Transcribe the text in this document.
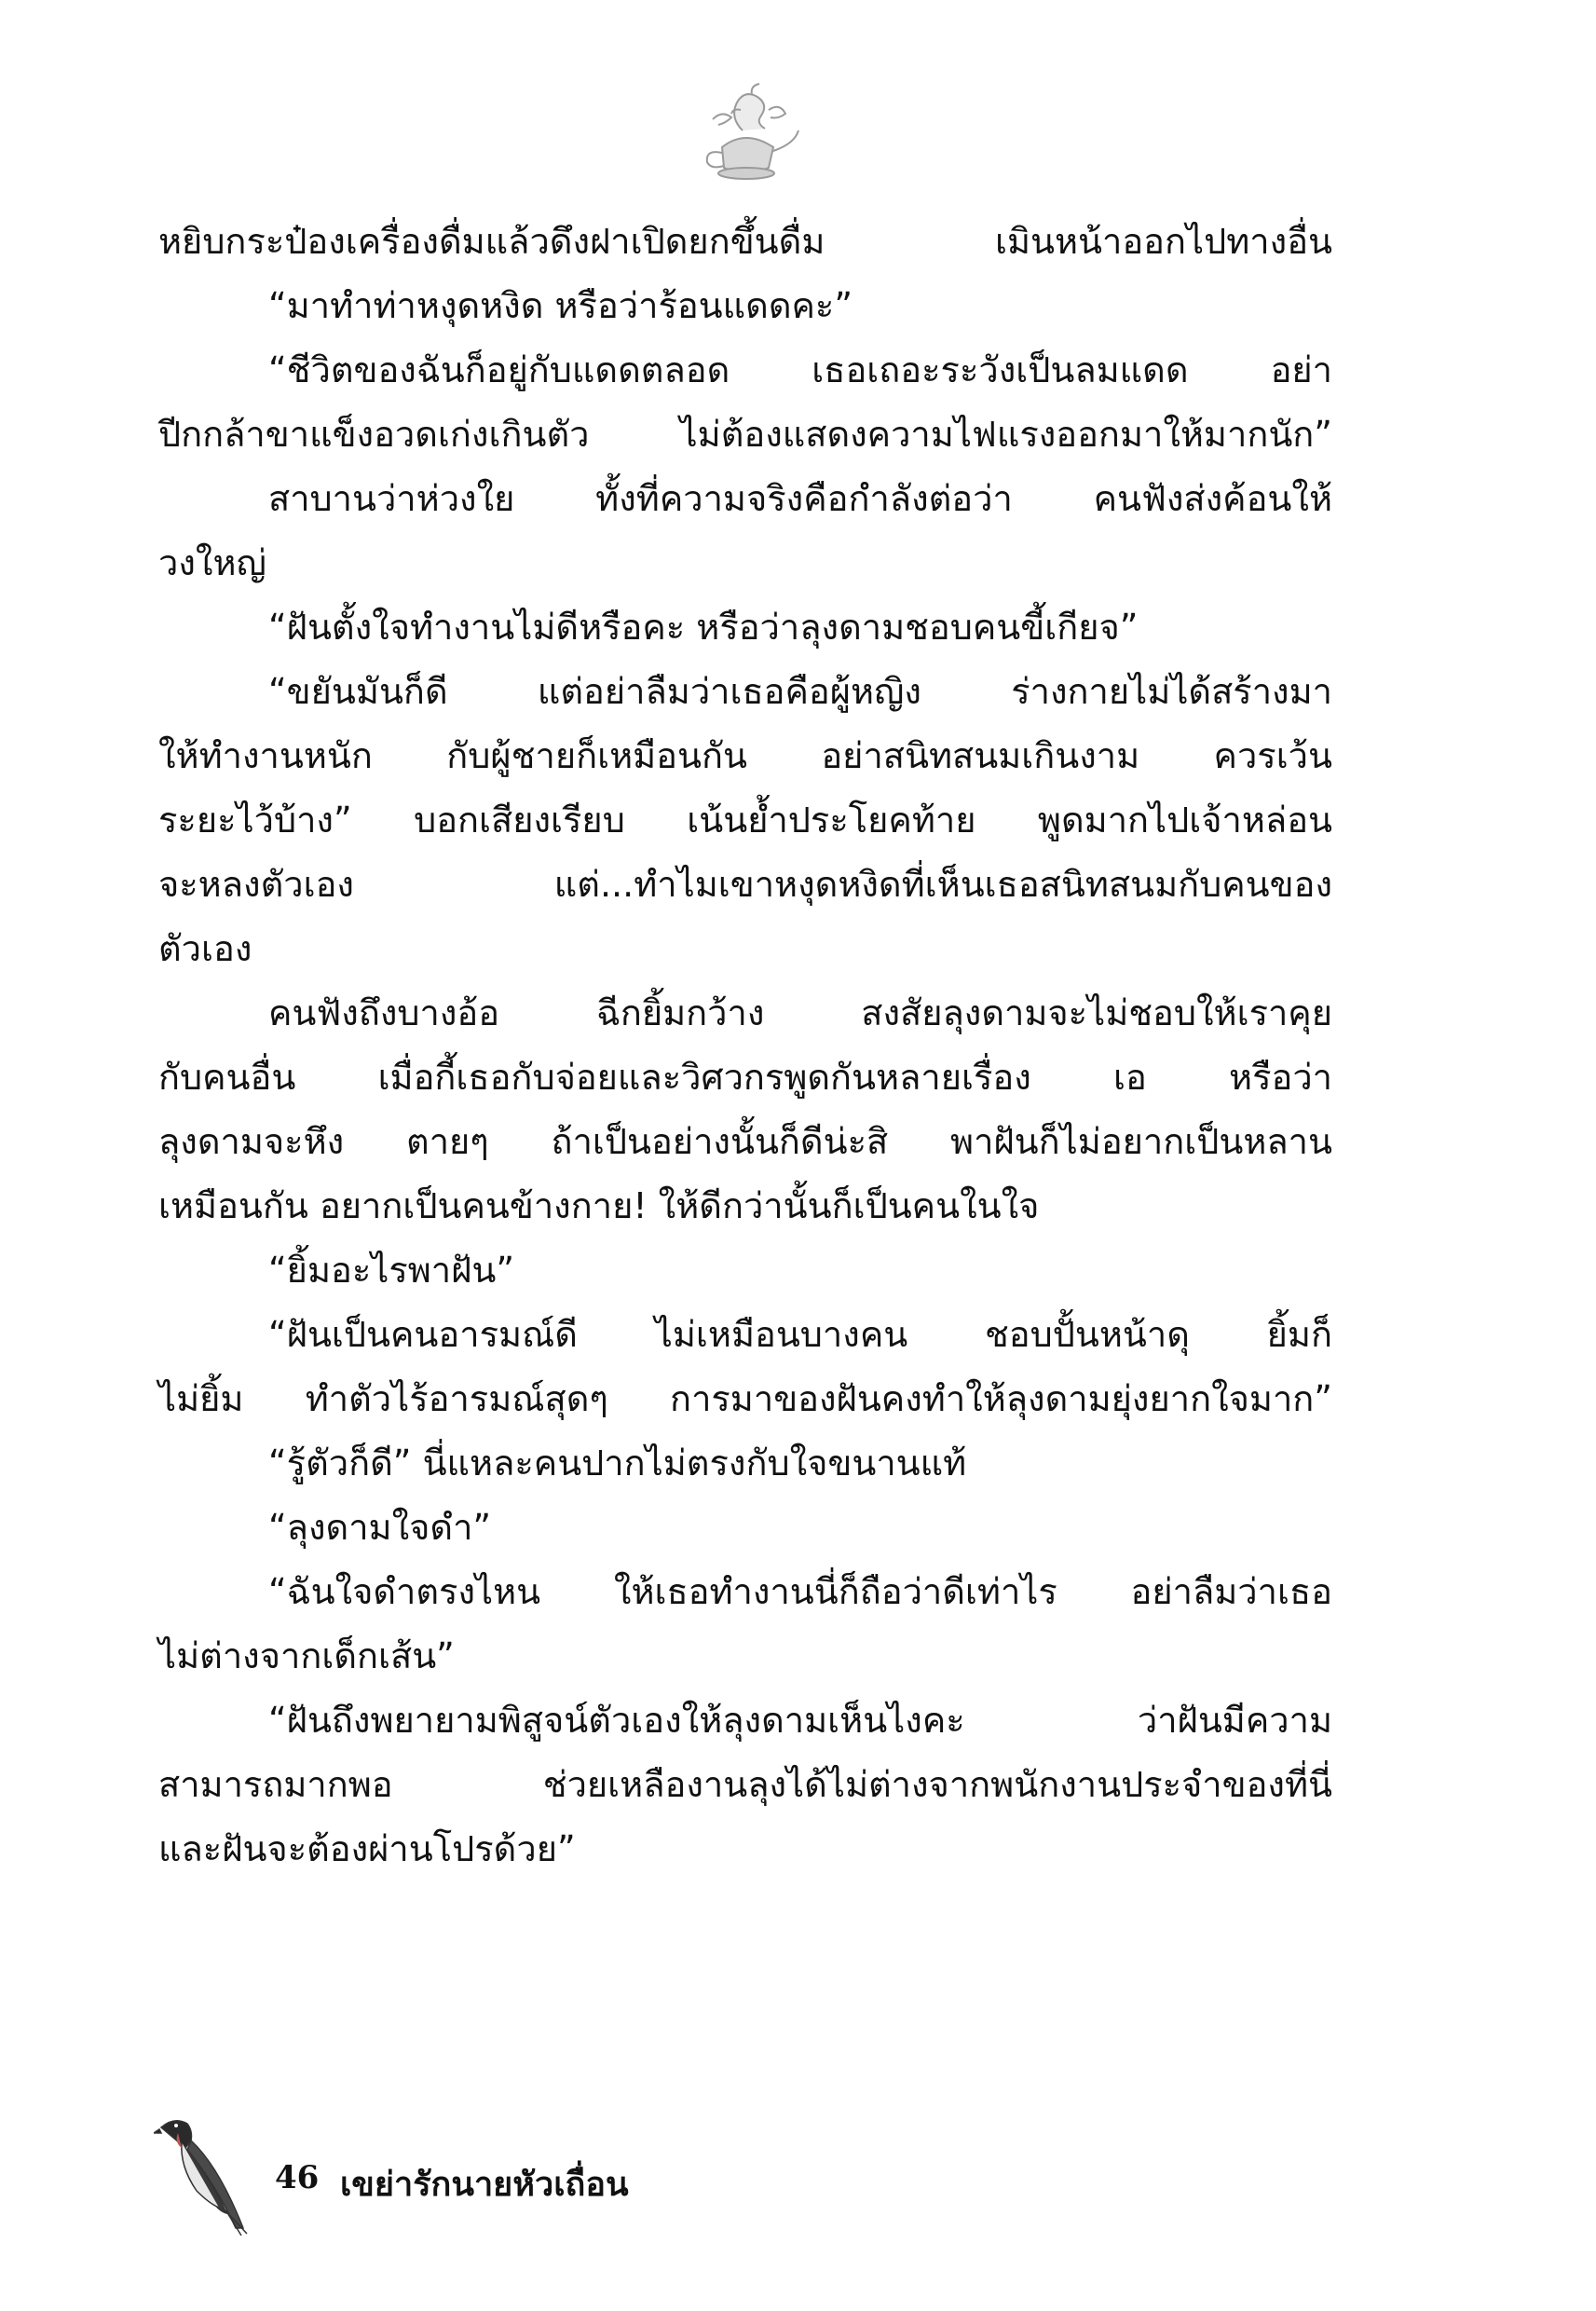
หยิบกระป๋องเครื่องดื่มแล้วดึงฝาเปิดยกขึ้นดื่ม เมินหน้าออกไปทางอื่น
“มาทำท่าหงุดหงิด หรือว่าร้อนแดดคะ”
“ชีวิตของฉันก็อยู่กับแดดตลอด เธอเถอะระวังเป็นลมแดด อย่า
ปีกกล้าขาแข็งอวดเก่งเกินตัว ไม่ต้องแสดงความไฟแรงออกมาให้มากนัก”
สาบานว่าห่วงใย ทั้งที่ความจริงคือกำลังต่อว่า คนฟังส่งค้อนให้
วงใหญ่
“ฝันตั้งใจทำงานไม่ดีหรือคะ หรือว่าลุงดามชอบคนขี้เกียจ”
“ขยันมันก็ดี แต่อย่าลืมว่าเธอคือผู้หญิง ร่างกายไม่ได้สร้างมา
ให้ทำงานหนัก กับผู้ชายก็เหมือนกัน อย่าสนิทสนมเกินงาม ควรเว้น
ระยะไว้บ้าง” บอกเสียงเรียบ เน้นย้ำประโยคท้าย พูดมากไปเจ้าหล่อน
จะหลงตัวเอง แต่...ทำไมเขาหงุดหงิดที่เห็นเธอสนิทสนมกับคนของ
ตัวเอง
คนฟังถึงบางอ้อ ฉีกยิ้มกว้าง สงสัยลุงดามจะไม่ชอบให้เราคุย
กับคนอื่น เมื่อกี้เธอกับจ่อยและวิศวกรพูดกันหลายเรื่อง เอ หรือว่า
ลุงดามจะหึง ตายๆ ถ้าเป็นอย่างนั้นก็ดีน่ะสิ พาฝันก็ไม่อยากเป็นหลาน
เหมือนกัน อยากเป็นคนข้างกาย! ให้ดีกว่านั้นก็เป็นคนในใจ
“ยิ้มอะไรพาฝัน”
“ฝันเป็นคนอารมณ์ดี ไม่เหมือนบางคน ชอบปั้นหน้าดุ ยิ้มก็
ไม่ยิ้ม ทำตัวไร้อารมณ์สุดๆ การมาของฝันคงทำให้ลุงดามยุ่งยากใจมาก”
“รู้ตัวก็ดี” นี่แหละคนปากไม่ตรงกับใจขนานแท้
“ลุงดามใจดำ”
“ฉันใจดำตรงไหน ให้เธอทำงานนี่ก็ถือว่าดีเท่าไร อย่าลืมว่าเธอ
ไม่ต่างจากเด็กเส้น”
“ฝันถึงพยายามพิสูจน์ตัวเองให้ลุงดามเห็นไงคะ ว่าฝันมีความ
สามารถมากพอ ช่วยเหลืองานลุงได้ไม่ต่างจากพนักงานประจำของที่นี่
และฝันจะต้องผ่านโปรด้วย”
46 เขย่ารักนายหัวเถื่อน
